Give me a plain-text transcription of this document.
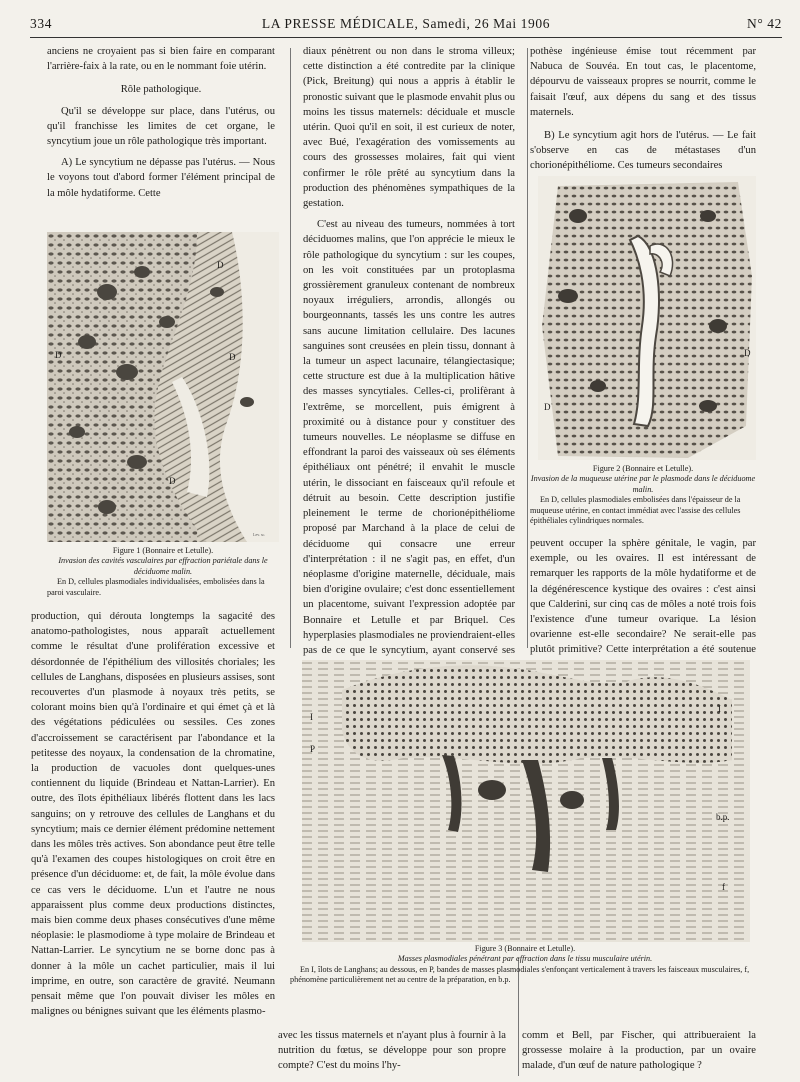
334	LA PRESSE MÉDICALE, Samedi, 26 Mai 1906	N° 42

anciens ne croyaient pas si bien faire en comparant l'arrière-faix à la rate, ou en le nommant foie utérin.

Rôle pathologique.

Qu'il se développe sur place, dans l'utérus, ou qu'il franchisse les limites de cet organe, le syncytium joue un rôle pathologique très important.

A) Le syncytium ne dépasse pas l'utérus. — Nous le voyons tout d'abord former l'élément principal de la môle hydatiforme. Cette

D
D
D
D
Lev. sc.
Figure 1 (Bonnaire et Letulle).
Invasion des cavités vasculaires par effraction pariétale dans le déciduome malin.
En D, cellules plasmodiales individualisées, embolisées dans la paroi vasculaire.

production, qui dérouta longtemps la sagacité des anatomo-pathologistes, nous apparaît actuellement comme le résultat d'une prolifération excessive et désordonnée de l'épithélium des villosités choriales; les cellules de Langhans, disposées en plusieurs assises, sont recouvertes d'un plasmode à noyaux très petits, se colorant moins bien qu'à l'ordinaire et qui émet çà et là des végétations pédiculées ou sessiles. Ces zones d'accroissement se caractérisent par l'abondance et la petitesse des noyaux, la condensation de la chromatine, la production de vacuoles dont quelques-unes contiennent du liquide (Brindeau et Nattan-Larrier). En outre, des îlots épithéliaux libérés flottent dans les lacs sanguins; on y retrouve des cellules de Langhans et du syncytium; mais ce dernier élément prédomine nettement dans les môles très actives. Son abondance peut être telle qu'à l'examen des coupes histologiques on croit être en présence d'un déciduome: et, de fait, la môle évolue dans ce cas vers le déciduome. L'un et l'autre ne nous apparaissent plus comme deux productions distinctes, mais bien comme deux phases consécutives d'une même néoplasie: le plasmodiome à type molaire de Brindeau et Nattan-Larrier. Le syncytium ne se borne donc pas à donner à la môle un cachet particulier, mais il lui imprime, en outre, son caractère de gravité. Neumann pensait même que l'on pouvait diviser les môles en malignes ou bénignes suivant que les éléments plasmo-

diaux pénètrent ou non dans le stroma villeux; cette distinction a été contredite par la clinique (Pick, Breitung) qui nous a appris à établir le pronostic suivant que le plasmode envahit plus ou moins les tissus maternels: décidualе et muscle utérin. Quoi qu'il en soit, il est curieux de noter, avec Bué, l'exagération des vomissements au cours des grossesses molaires, fait qui vient confirmer le rôle prêté au syncytium dans la production des phénomènes sympathiques de la gestation.

C'est au niveau des tumeurs, nommées à tort déciduomes malins, que l'on apprécie le mieux le rôle pathologique du syncytium : sur les coupes, on les voit constituées par un protoplasma grossièrement granuleux contenant de nombreux noyaux irréguliers, arrondis, allongés ou bourgeonnants, tassés les uns contre les autres sans aucune limitation cellulaire. Des lacunes sanguines sont creusées en plein tissu, donnant à la tumeur un aspect lacunaire, télangiectasique; cette structure est due à la multiplication hâtive des masses syncytiales. Celles-ci, prolifèrant à l'extrême, se morcellent, puis émigrent à proximité ou à distance pour y constituer des tumeurs nouvelles. Le néoplasme se diffuse en effondrant la paroi des vaisseaux où ses éléments épithéliaux ont pénétré; il envahit le muscle utérin, le dissociant en faisceaux qu'il refoule et détruit au besoin. Cette description justifie pleinement le terme de chorionépithéliome proposé par Marchand à la place de celui de déciduome qui consacre une erreur d'interprétation : il ne s'agit pas, en effet, d'un néoplasme d'origine maternelle, déciduale, mais bien d'origine ovulaire; c'est donc essentiellement un placentome, suivant l'expression adoptée par Bonnaire et Letulle et par Briquel. Ces hyperplasies plasmodiales ne proviendraient-elles pas de ce que le syncytium, ayant conservé ses

pothèse ingénieuse émise tout récemment par Nabuca de Souvéa. En tout cas, le placentome, dépourvu de vaisseaux propres se nourrit, comme le faisait l'œuf, aux dépens du sang et des tissus maternels.

B) Le syncytium agit hors de l'utérus. — Le fait s'observe en cas de métastases d'un chorionépithéliome. Ces tumeurs secondaires

D
D
Figure 2 (Bonnaire et Letulle).
Invasion de la muqueuse utérine par le plasmode dans le déciduome malin.
En D, cellules plasmodiales embolisées dans l'épaisseur de la muqueuse utérine, en contact immédiat avec l'assise des cellules épithéliales cylindriques normales.

peuvent occuper la sphère génitale, le vagin, par exemple, ou les ovaires. Il est intéressant de remarquer les rapports de la môle hydatiforme et de la dégénérescence kystique des ovaires : c'est ainsi que Calderini, sur cinq cas de môles a noté trois fois l'existence d'une tumeur ovarique. La lésion ovarienne est-elle secondaire? Ne serait-elle pas plutôt primitive? Cette interprétation a été soutenue

I
P
I
b.p.
f
Figure 3 (Bonnaire et Letulle).
Masses plasmodiales pénétrant par effraction dans le tissu musculaire utérin.
En I, îlots de Langhans; au dessous, en P, bandes de masses plasmodiales s'enfonçant verticalement à travers les faisceaux musculaires, f, phénomène particulièrement net au centre de la préparation, en b.p.

avec les tissus maternels et n'ayant plus à fournir à la nutrition du fœtus, se développe pour son propre compte? C'est du moins l'hy-

comm et Bell, par Fischer, qui attribueraient la grossesse molaire à la production, par un ovaire malade, d'un œuf de nature pathologique ?
